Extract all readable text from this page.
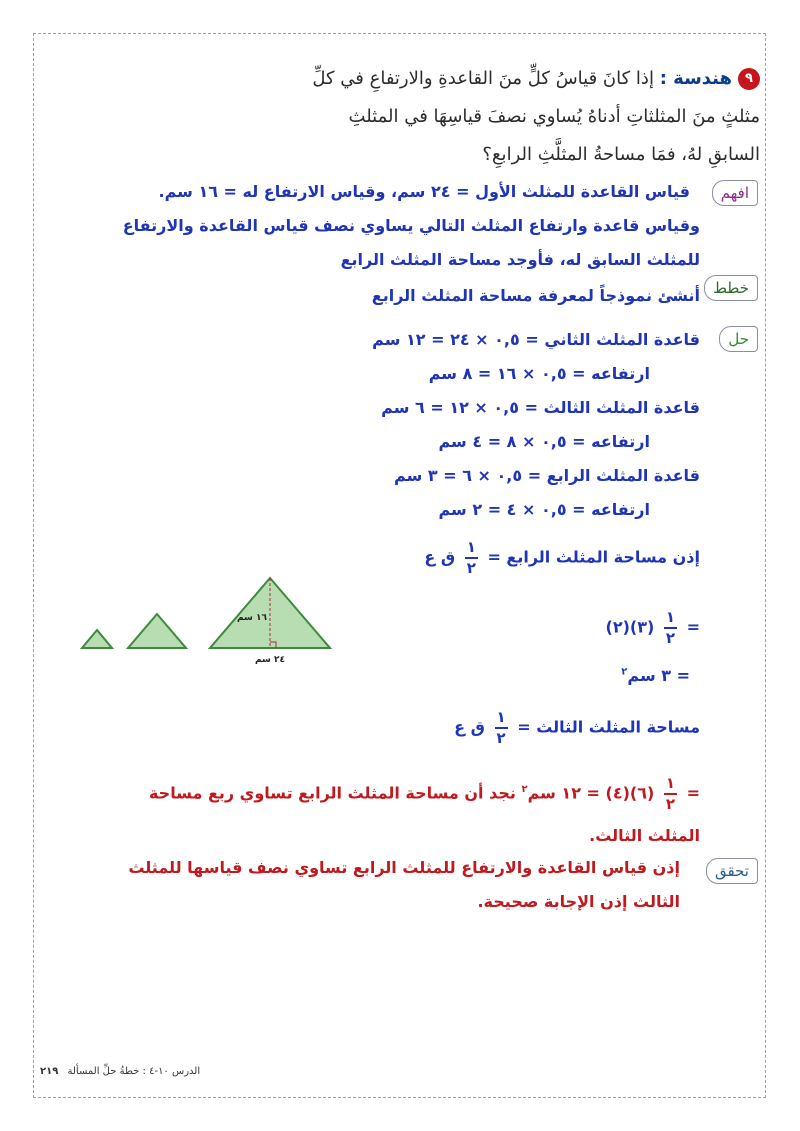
٩هندسة : إذا كانَ قياسُ كلٍّ منَ القاعدةِ والارتفاعِ في كلِّ
مثلثٍ منَ المثلثاتِ أدناهُ يُساوي نصفَ قياسِهَا في المثلثِ
السابقِ لهُ، فمَا مساحةُ المثلَّثِ الرابعِ؟
افهم
قياس القاعدة للمثلث الأول = ٢٤ سم، وقياس الارتفاع له = ١٦ سم.
وقياس قاعدة وارتفاع المثلث التالي يساوي نصف قياس القاعدة والارتفاع
للمثلث السابق له، فأوجد مساحة المثلث الرابع
خطط
أنشئ نموذجاً لمعرفة مساحة المثلث الرابع
حل
قاعدة المثلث الثاني = ٠,٥ × ٢٤ = ١٢ سم
ارتفاعه = ٠,٥ × ١٦ = ٨ سم
قاعدة المثلث الثالث = ٠,٥ × ١٢ = ٦ سم
ارتفاعه = ٠,٥ × ٨ = ٤ سم
قاعدة المثلث الرابع = ٠,٥ × ٦ = ٣ سم
ارتفاعه = ٠,٥ × ٤ = ٢ سم
إذن مساحة المثلث الرابع =
$\frac{١}{٢}$
ق ع
=
$\frac{١}{٢}$
(٣)(٢)
= ٣ سم$^٢$
مساحة المثلث الثالث =
$\frac{١}{٢}$
ق ع
=
$\frac{١}{٢}$
(٦)(٤) = ١٢ سم$^٢$ نجد أن مساحة المثلث الرابع تساوي ربع مساحة
المثلث الثالث.
تحقق
إذن قياس القاعدة والارتفاع للمثلث الرابع تساوي نصف قياسها للمثلث
الثالث إذن الإجابة صحيحة.
١٦ سم
٢٤ سم
الدرس ١٠-٤ : خطةُ حلِّ المسألة ٢١٩
